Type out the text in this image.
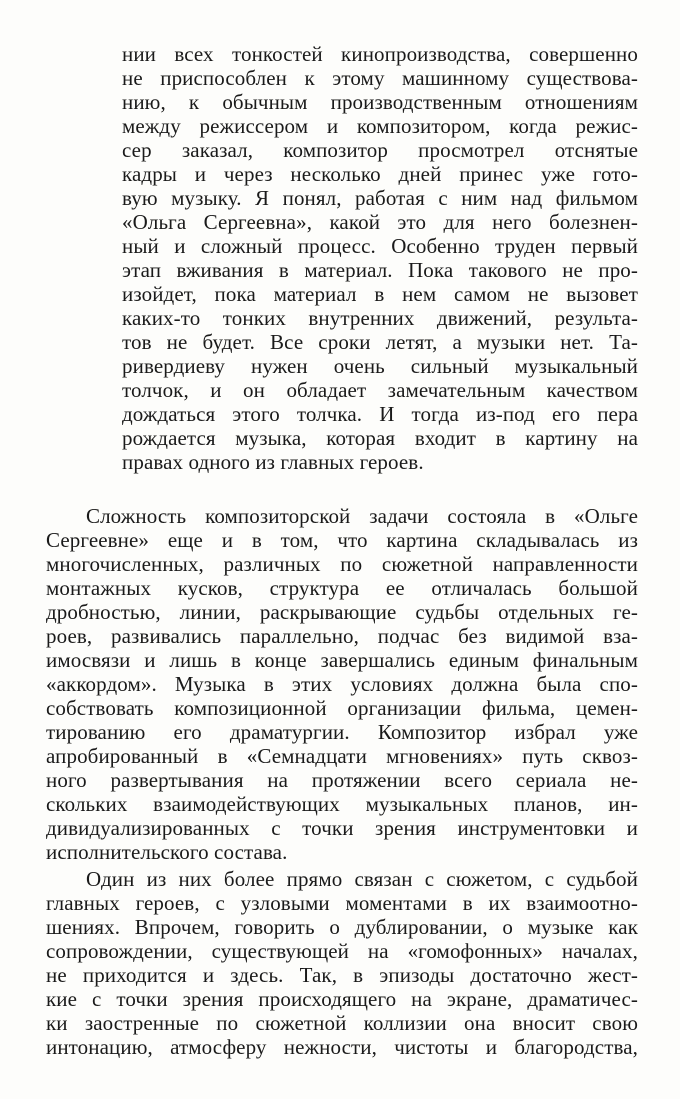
нии всех тонкостей кинопроизводства, совершенно
не приспособлен к этому машинному существова-
нию, к обычным производственным отношениям
между режиссером и композитором, когда режис-
сер заказал, композитор просмотрел отснятые
кадры и через несколько дней принес уже гото-
вую музыку. Я понял, работая с ним над фильмом
«Ольга Сергеевна», какой это для него болезнен-
ный и сложный процесс. Особенно труден первый
этап вживания в материал. Пока такового не про-
изойдет, пока материал в нем самом не вызовет
каких-то тонких внутренних движений, результа-
тов не будет. Все сроки летят, а музыки нет. Та-
ривердиеву нужен очень сильный музыкальный
толчок, и он обладает замечательным качеством
дождаться этого толчка. И тогда из-под его пера
рождается музыка, которая входит в картину на
правах одного из главных героев.
Сложность композиторской задачи состояла в «Ольге
Сергеевне» еще и в том, что картина складывалась из
многочисленных, различных по сюжетной направленности
монтажных кусков, структура ее отличалась большой
дробностью, линии, раскрывающие судьбы отдельных ге-
роев, развивались параллельно, подчас без видимой вза-
имосвязи и лишь в конце завершались единым финальным
«аккордом». Музыка в этих условиях должна была спо-
собствовать композиционной организации фильма, цемен-
тированию его драматургии. Композитор избрал уже
апробированный в «Семнадцати мгновениях» путь сквоз-
ного развертывания на протяжении всего сериала не-
скольких взаимодействующих музыкальных планов, ин-
дивидуализированных с точки зрения инструментовки и
исполнительского состава.
Один из них более прямо связан с сюжетом, с судьбой
главных героев, с узловыми моментами в их взаимоотно-
шениях. Впрочем, говорить о дублировании, о музыке как
сопровождении, существующей на «гомофонных» началах,
не приходится и здесь. Так, в эпизоды достаточно жест-
кие с точки зрения происходящего на экране, драматичес-
ки заостренные по сюжетной коллизии она вносит свою
интонацию, атмосферу нежности, чистоты и благородства,
